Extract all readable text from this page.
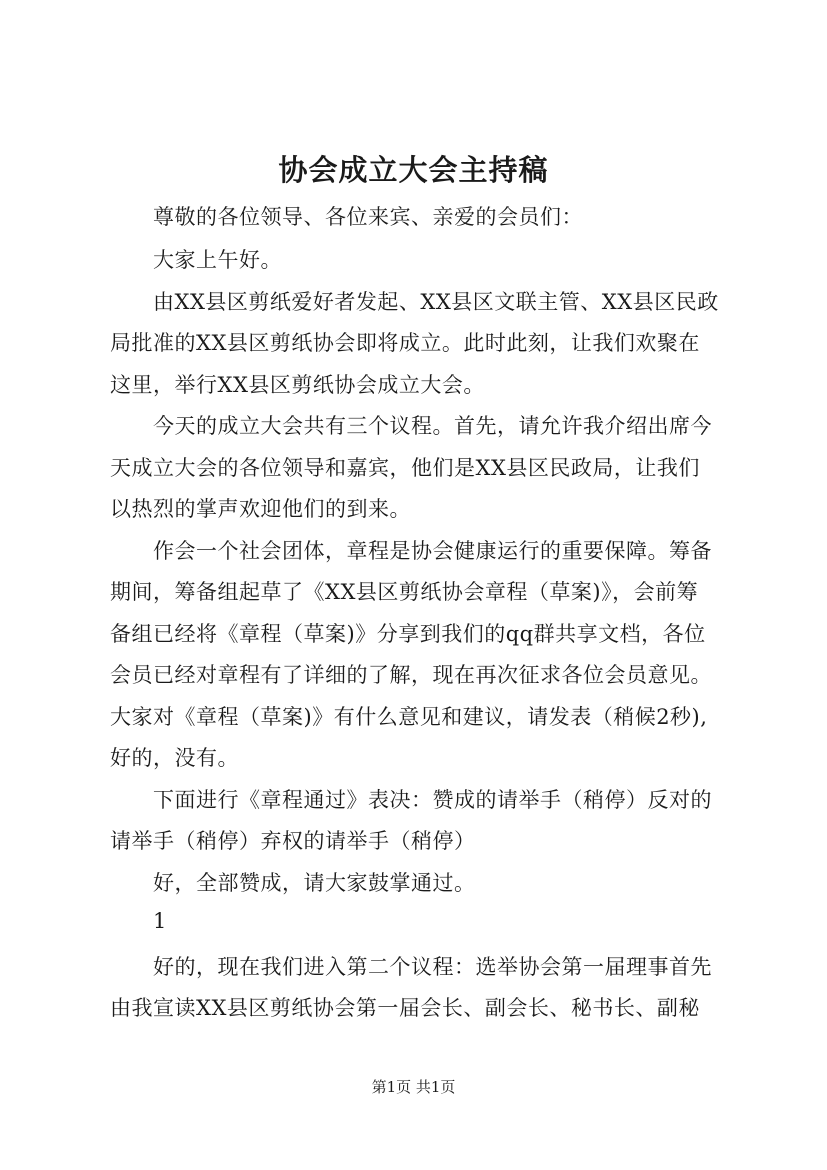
协会成立大会主持稿
尊敬的各位领导、各位来宾、亲爱的会员们：
大家上午好。
由XX县区剪纸爱好者发起、XX县区文联主管、XX县区民政
局批准的XX县区剪纸协会即将成立。此时此刻，让我们欢聚在
这里，举行XX县区剪纸协会成立大会。
今天的成立大会共有三个议程。首先，请允许我介绍出席今
天成立大会的各位领导和嘉宾，他们是XX县区民政局，让我们
以热烈的掌声欢迎他们的到来。
作会一个社会团体，章程是协会健康运行的重要保障。筹备
期间，筹备组起草了《XX县区剪纸协会章程（草案)》，会前筹
备组已经将《章程（草案)》分享到我们的qq群共享文档，各位
会员已经对章程有了详细的了解，现在再次征求各位会员意见。
大家对《章程（草案)》有什么意见和建议，请发表（稍候2秒),
好的，没有。
下面进行《章程通过》表决：赞成的请举手（稍停）反对的
请举手（稍停）弃权的请举手（稍停）
好，全部赞成，请大家鼓掌通过。
1
好的，现在我们进入第二个议程：选举协会第一届理事首先
由我宣读XX县区剪纸协会第一届会长、副会长、秘书长、副秘
第1页 共1页
